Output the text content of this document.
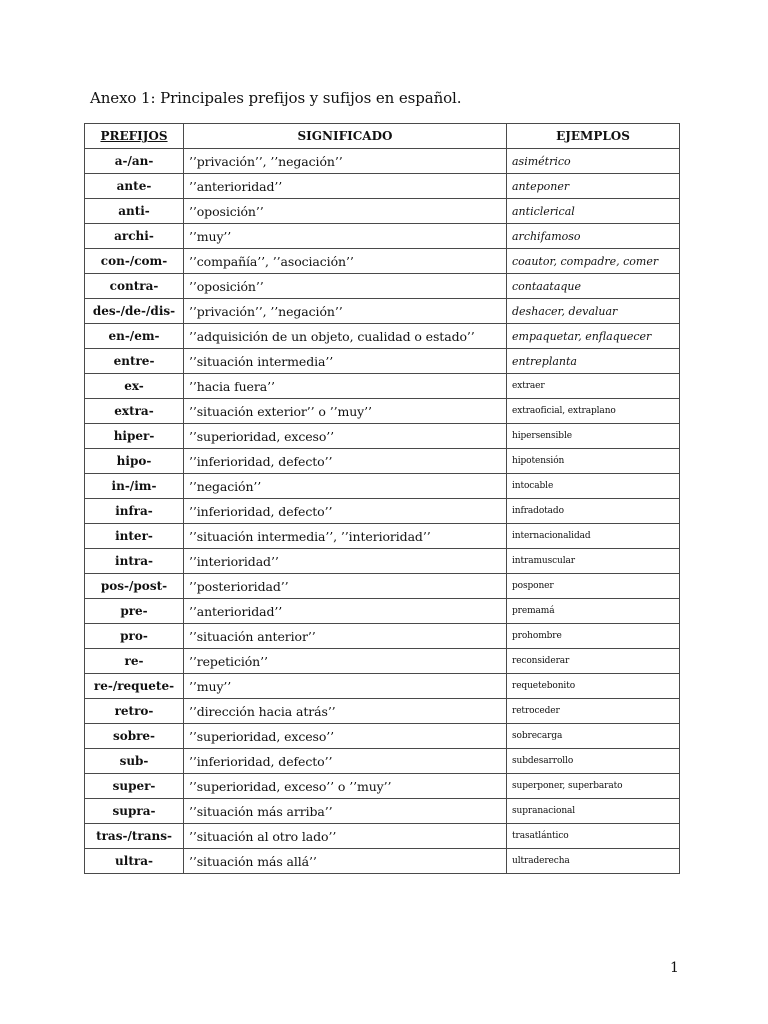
Anexo 1: Principales prefijos y sufijos en español.
PREFIJOS	SIGNIFICADO	EJEMPLOS
a-/an-	’’privación’’, ’’negación’’	asimétrico
ante-	’’anterioridad’’	anteponer
anti-	’’oposición’’	anticlerical
archi-	’’muy’’	archifamoso
con-/com-	’’compañía’’, ’’asociación’’	coautor, compadre, comer
contra-	’’oposición’’	contaataque
des-/de-/dis-	’’privación’’, ’’negación’’	deshacer, devaluar
en-/em-	’’adquisición de un objeto, cualidad o estado’’	empaquetar, enflaquecer
entre-	’’situación intermedia’’	entreplanta
ex-	’’hacia fuera’’	extraer
extra-	’’situación exterior’’ o ’’muy’’	extraoficial, extraplano
hiper-	’’superioridad, exceso’’	hipersensible
hipo-	’’inferioridad, defecto’’	hipotensión
in-/im-	’’negación’’	intocable
infra-	’’inferioridad, defecto’’	infradotado
inter-	’’situación intermedia’’, ’’interioridad’’	internacionalidad
intra-	’’interioridad’’	intramuscular
pos-/post-	’’posterioridad’’	posponer
pre-	’’anterioridad’’	premamá
pro-	’’situación anterior’’	prohombre
re-	’’repetición’’	reconsiderar
re-/requete-	’’muy’’	requetebonito
retro-	’’dirección hacia atrás’’	retroceder
sobre-	’’superioridad, exceso’’	sobrecarga
sub-	’’inferioridad, defecto’’	subdesarrollo
super-	’’superioridad, exceso’’ o ’’muy’’	superponer, superbarato
supra-	’’situación más arriba’’	supranacional
tras-/trans-	’’situación al otro lado’’	trasatlántico
ultra-	’’situación más allá’’	ultraderecha
1
